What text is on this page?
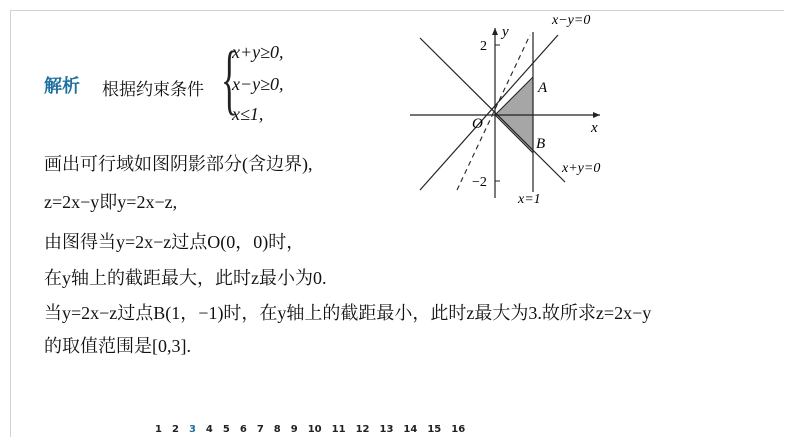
解析 根据约束条件 {
x+y≥0,
x−y≥0,
x≤1,
画出可行域如图阴影部分(含边界),
z=2x−y即y=2x−z,
由图得当y=2x−z过点O(0，0)时，
在y轴上的截距最大，此时z最小为0.
当y=2x−z过点B(1，−1)时，在y轴上的截距最小，此时z最大为3.故所求z=2x−y
的取值范围是[0,3].
x−y=0
x+y=0
x=1
y
x
O
A
B
2
−2
1	2	3	4	5	6	7	8	9	10	11	12	13	14	15	16
